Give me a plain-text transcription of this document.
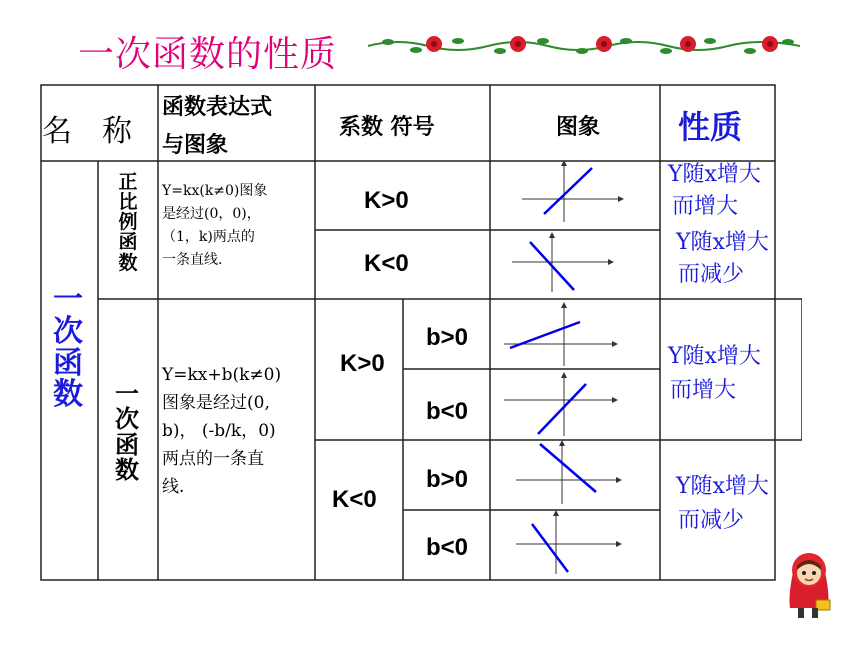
一次函数的性质
名　称
函数表达式
与图象
系数 符号	图象 性质
一次函数
正比例函数
Y=kx(k≠0)图象
是经过(0，0)，
（1，k)两点的
一条直线.
K>0
K<0
Y随x增大
而增大
Y随x增大
而减少
一次函数
Y=kx+b(k≠0)
图象是经过(0,
b)， (-b/k，0)
两点的一条直
线.
K>0
K<0
b>0
b<0
b>0
b<0
Y随x增大
而增大
Y随x增大
而减少
